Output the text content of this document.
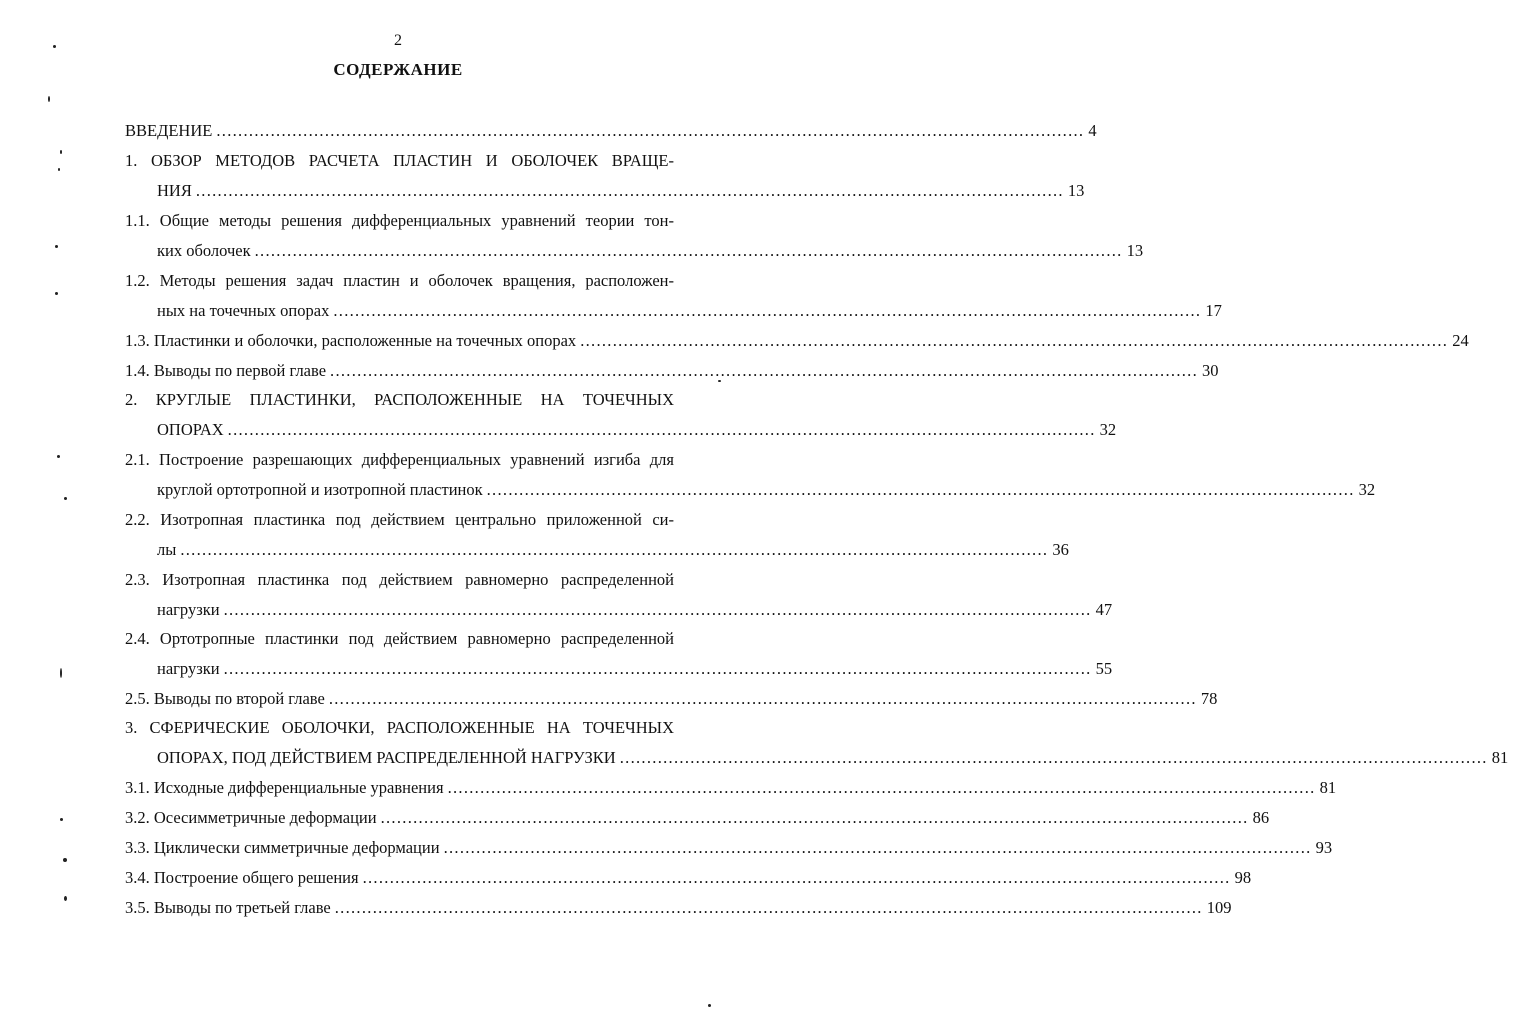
2
СОДЕРЖАНИЕ
ВВЕДЕНИЕ ................................................................................................................................................................ 4
1. ОБЗОР МЕТОДОВ РАСЧЕТА ПЛАСТИН И ОБОЛОЧЕК ВРАЩЕ-
НИЯ ................................................................................................................................................................ 13
1.1. Общие методы решения дифференциальных уравнений теории тон-
ких оболочек ................................................................................................................................................................ 13
1.2. Методы решения задач пластин и оболочек вращения, расположен-
ных на точечных опорах ................................................................................................................................................................ 17
1.3. Пластинки и оболочки, расположенные на точечных опорах ................................................................................................................................................................ 24
1.4. Выводы по первой главе ................................................................................................................................................................ 30
2. КРУГЛЫЕ ПЛАСТИНКИ, РАСПОЛОЖЕННЫЕ НА ТОЧЕЧНЫХ
ОПОРАХ ................................................................................................................................................................ 32
2.1. Построение разрешающих дифференциальных уравнений изгиба для
круглой ортотропной и изотропной пластинок ................................................................................................................................................................ 32
2.2. Изотропная пластинка под действием центрально приложенной си-
лы ................................................................................................................................................................ 36
2.3. Изотропная пластинка под действием равномерно распределенной
нагрузки ................................................................................................................................................................ 47
2.4. Ортотропные пластинки под действием равномерно распределенной
нагрузки ................................................................................................................................................................ 55
2.5. Выводы по второй главе ................................................................................................................................................................ 78
3. СФЕРИЧЕСКИЕ ОБОЛОЧКИ, РАСПОЛОЖЕННЫЕ НА ТОЧЕЧНЫХ
ОПОРАХ, ПОД ДЕЙСТВИЕМ РАСПРЕДЕЛЕННОЙ НАГРУЗКИ ................................................................................................................................................................ 81
3.1. Исходные дифференциальные уравнения ................................................................................................................................................................ 81
3.2. Осесимметричные деформации ................................................................................................................................................................ 86
3.3. Циклически симметричные деформации ................................................................................................................................................................ 93
3.4. Построение общего решения ................................................................................................................................................................ 98
3.5. Выводы по третьей главе ................................................................................................................................................................ 109
